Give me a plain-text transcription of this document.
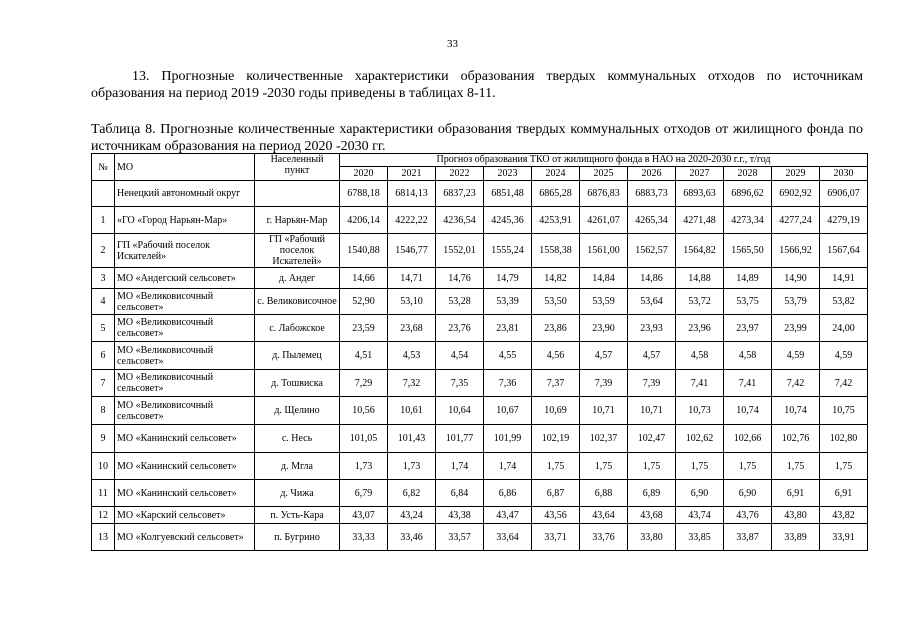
33
13. Прогнозные количественные характеристики образования твердых коммунальных отходов по источникам образования на период 2019 -2030 годы приведены в таблицах 8-11.
Таблица 8. Прогнозные количественные характеристики образования твердых коммунальных отходов от жилищного фонда по источникам образования на период 2020 -2030 гг.
№	МО	Населенный пункт	Прогноз образования ТКО от жилищного фонда в НАО на 2020-2030 г.г., т/год										
			2020	2021	2022	2023	2024	2025	2026	2027	2028	2029	2030
	Ненецкий автономный округ		6788,18	6814,13	6837,23	6851,48	6865,28	6876,83	6883,73	6893,63	6896,62	6902,92	6906,07
1	«ГО «Город Нарьян-Мар»	г. Нарьян-Мар	4206,14	4222,22	4236,54	4245,36	4253,91	4261,07	4265,34	4271,48	4273,34	4277,24	4279,19
2	ГП «Рабочий поселок Искателей»	ГП «Рабочий поселок Искателей»	1540,88	1546,77	1552,01	1555,24	1558,38	1561,00	1562,57	1564,82	1565,50	1566,92	1567,64
3	МО «Андегский сельсовет»	д. Андег	14,66	14,71	14,76	14,79	14,82	14,84	14,86	14,88	14,89	14,90	14,91
4	МО «Великовисочный сельсовет»	с. Великовисочное	52,90	53,10	53,28	53,39	53,50	53,59	53,64	53,72	53,75	53,79	53,82
5	МО «Великовисочный сельсовет»	с. Лабожское	23,59	23,68	23,76	23,81	23,86	23,90	23,93	23,96	23,97	23,99	24,00
6	МО «Великовисочный сельсовет»	д. Пылемец	4,51	4,53	4,54	4,55	4,56	4,57	4,57	4,58	4,58	4,59	4,59
7	МО «Великовисочный сельсовет»	д. Тошвиска	7,29	7,32	7,35	7,36	7,37	7,39	7,39	7,41	7,41	7,42	7,42
8	МО «Великовисочный сельсовет»	д. Щелино	10,56	10,61	10,64	10,67	10,69	10,71	10,71	10,73	10,74	10,74	10,75
9	МО «Канинский сельсовет»	с. Несь	101,05	101,43	101,77	101,99	102,19	102,37	102,47	102,62	102,66	102,76	102,80
10	МО «Канинский сельсовет»	д. Мгла	1,73	1,73	1,74	1,74	1,75	1,75	1,75	1,75	1,75	1,75	1,75
11	МО «Канинский сельсовет»	д. Чижа	6,79	6,82	6,84	6,86	6,87	6,88	6,89	6,90	6,90	6,91	6,91
12	МО «Карский сельсовет»	п. Усть-Кара	43,07	43,24	43,38	43,47	43,56	43,64	43,68	43,74	43,76	43,80	43,82
13	МО «Колгуевский сельсовет»	п. Бугрино	33,33	33,46	33,57	33,64	33,71	33,76	33,80	33,85	33,87	33,89	33,91
